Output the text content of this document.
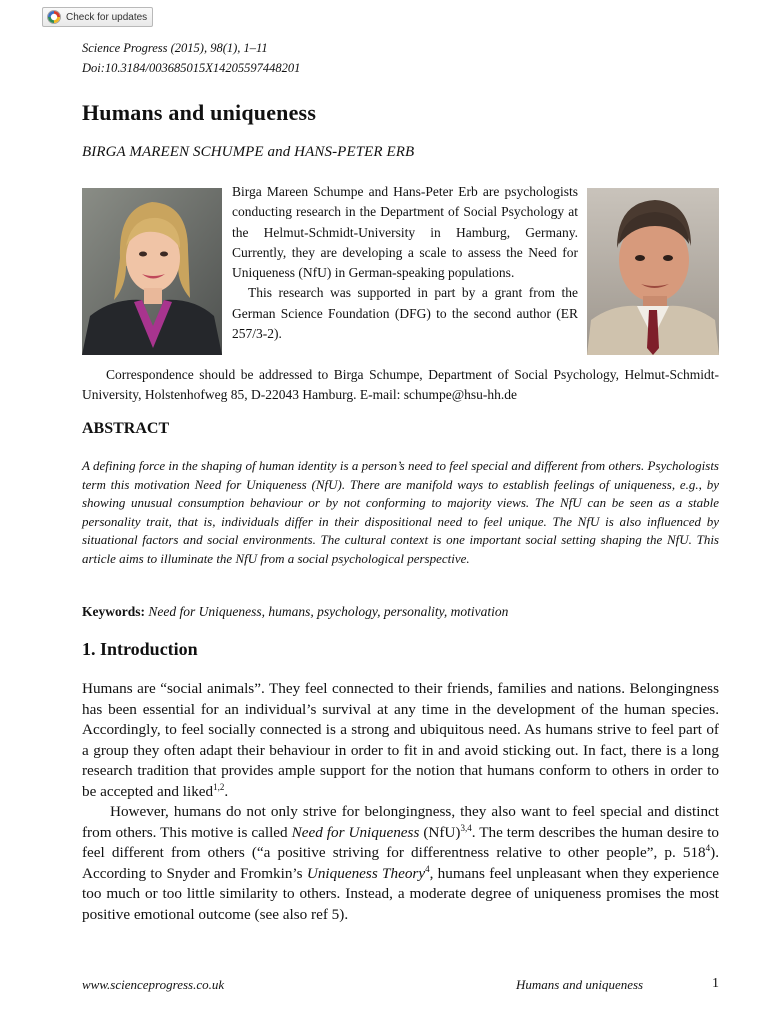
Check for updates
Science Progress (2015), 98(1), 1–11
Doi:10.3184/003685015X14205597448201
Humans and uniqueness
BIRGA MAREEN SCHUMPE and HANS-PETER ERB

Birga Mareen Schumpe and Hans-Peter Erb are psychologists conducting research in the Department of Social Psychology at the Helmut-Schmidt-University in Hamburg, Germany. Currently, they are developing a scale to assess the Need for Uniqueness (NfU) in German-speaking populations.

This research was supported in part by a grant from the German Science Foundation (DFG) to the second author (ER 257/3-2).

Correspondence should be addressed to Birga Schumpe, Department of Social Psychology, Helmut-Schmidt-University, Holstenhofweg 85, D-22043 Hamburg. E-mail: schumpe@hsu-hh.de
ABSTRACT

A defining force in the shaping of human identity is a person’s need to feel special and different from others. Psychologists term this motivation Need for Uniqueness (NfU). There are manifold ways to establish feelings of uniqueness, e.g., by showing unusual consumption behaviour or by not conforming to majority views. The NfU can be seen as a stable personality trait, that is, individuals differ in their dispositional need to feel unique. The NfU is also influenced by situational factors and social environments. The cultural context is one important social setting shaping the NfU. This article aims to illuminate the NfU from a social psychological perspective.

Keywords: Need for Uniqueness, humans, psychology, personality, motivation
1. Introduction

Humans are “social animals”. They feel connected to their friends, families and nations. Belongingness has been essential for an individual’s survival at any time in the development of the human species. Accordingly, to feel socially connected is a strong and ubiquitous need. As humans strive to feel part of a group they often adapt their behaviour in order to fit in and avoid sticking out. In fact, there is a long research tradition that provides ample support for the notion that humans conform to others in order to be accepted and liked$^{1,2}$.

However, humans do not only strive for belongingness, they also want to feel special and distinct from others. This motive is called Need for Uniqueness (NfU)$^{3,4}$. The term describes the human desire to feel different from others (“a positive striving for differentness relative to other people”, p. $518^4$). According to Snyder and Fromkin’s Uniqueness Theory$^4$, humans feel unpleasant when they experience too much or too little similarity to others. Instead, a moderate degree of uniqueness promises the most positive emotional outcome (see also ref 5).

www.scienceprogress.co.uk	Humans and uniqueness	1
